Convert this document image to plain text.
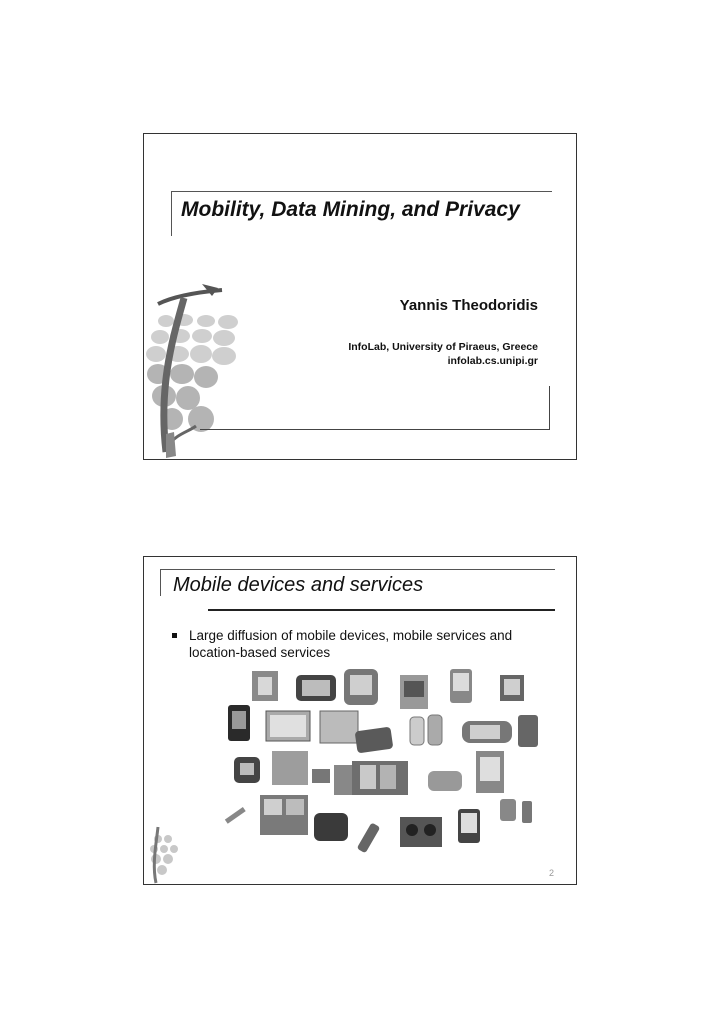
Mobility, Data Mining, and Privacy
Yannis Theodoridis
InfoLab, University of Piraeus, Greece
infolab.cs.unipi.gr
Mobile devices and services
Large diffusion of mobile devices, mobile services and location-based services
2
